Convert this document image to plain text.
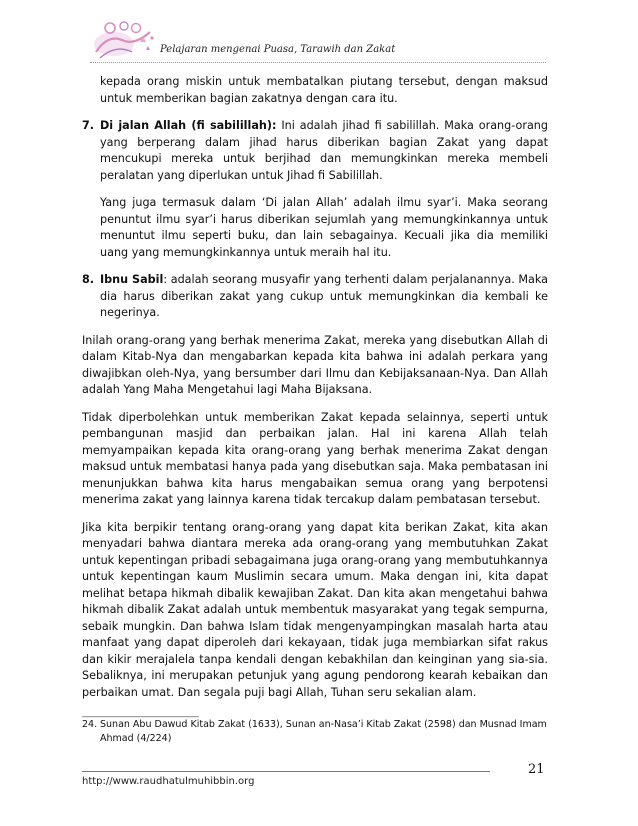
Pelajaran mengenai Puasa, Tarawih dan Zakat

kepada orang miskin untuk membatalkan piutang tersebut, dengan maksud untuk memberikan bagian zakatnya dengan cara itu.

7. Di jalan Allah (fi sabilillah): Ini adalah jihad fi sabilillah. Maka orang-orang yang berperang dalam jihad harus diberikan bagian Zakat yang dapat mencukupi mereka untuk berjihad dan memungkinkan mereka membeli peralatan yang diperlukan untuk Jihad fi Sabilillah.

Yang juga termasuk dalam ‘Di jalan Allah’ adalah ilmu syar’i. Maka seorang penuntut ilmu syar’i harus diberikan sejumlah yang memungkinkannya untuk menuntut ilmu seperti buku, dan lain sebagainya. Kecuali jika dia memiliki uang yang memungkinkannya untuk meraih hal itu.

8. Ibnu Sabil: adalah seorang musyafir yang terhenti dalam perjalanannya. Maka dia harus diberikan zakat yang cukup untuk memungkinkan dia kembali ke negerinya.

Inilah orang-orang yang berhak menerima Zakat, mereka yang disebutkan Allah di dalam Kitab-Nya dan mengabarkan kepada kita bahwa ini adalah perkara yang diwajibkan oleh-Nya, yang bersumber dari Ilmu dan Kebijaksanaan-Nya. Dan Allah adalah Yang Maha Mengetahui lagi Maha Bijaksana.

Tidak diperbolehkan untuk memberikan Zakat kepada selainnya, seperti untuk pembangunan masjid dan perbaikan jalan. Hal ini karena Allah telah memyampaikan kepada kita orang-orang yang berhak menerima Zakat dengan maksud untuk membatasi hanya pada yang disebutkan saja. Maka pembatasan ini menunjukkan bahwa kita harus mengabaikan semua orang yang berpotensi menerima zakat yang lainnya karena tidak tercakup dalam pembatasan tersebut.

Jika kita berpikir tentang orang-orang yang dapat kita berikan Zakat, kita akan menyadari bahwa diantara mereka ada orang-orang yang membutuhkan Zakat untuk kepentingan pribadi sebagaimana juga orang-orang yang membutuhkannya untuk kepentingan kaum Muslimin secara umum. Maka dengan ini, kita dapat melihat betapa hikmah dibalik kewajiban Zakat. Dan kita akan mengetahui bahwa hikmah dibalik Zakat adalah untuk membentuk masyarakat yang tegak sempurna, sebaik mungkin. Dan bahwa Islam tidak mengenyampingkan masalah harta atau manfaat yang dapat diperoleh dari kekayaan, tidak juga membiarkan sifat rakus dan kikir merajalela tanpa kendali dengan kebakhilan dan keinginan yang sia-sia. Sebaliknya, ini merupakan petunjuk yang agung pendorong kearah kebaikan dan perbaikan umat. Dan segala puji bagi Allah, Tuhan seru sekalian alam.

_____________________________
24. Sunan Abu Dawud Kitab Zakat (1633), Sunan an-Nasa’i Kitab Zakat (2598) dan Musnad Imam Ahmad (4/224)
21
http://www.raudhatulmuhibbin.org
